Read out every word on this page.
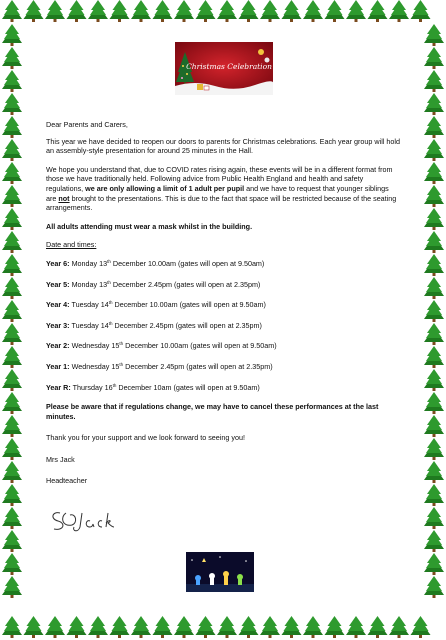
Christmas Celebration

Dear Parents and Carers,

This year we have decided to reopen our doors to parents for Christmas celebrations. Each year group will hold an assembly-style presentation for around 25 minutes in the Hall.

We hope you understand that, due to COVID rates rising again, these events will be in a different format from those we have traditionally held. Following advice from Public Health England and health and safety regulations, we are only allowing a limit of 1 adult per pupil and we have to request that younger siblings are not brought to the presentations. This is due to the fact that space will be restricted because of the seating arrangements.

All adults attending must wear a mask whilst in the building.

Date and times:

Year 6: Monday 13th December 10.00am (gates will open at 9.50am)

Year 5: Monday 13th December 2.45pm (gates will open at 2.35pm)

Year 4: Tuesday 14th December 10.00am (gates will open at 9.50am)

Year 3: Tuesday 14th December 2.45pm (gates will open at 2.35pm)

Year 2: Wednesday 15th December 10.00am (gates will open at 9.50am)

Year 1: Wednesday 15th December 2.45pm (gates will open at 2.35pm)

Year R: Thursday 16th December 10am (gates will open at 9.50am)

Please be aware that if regulations change, we may have to cancel these performances at the last minutes.

Thank you for your support and we look forward to seeing you!

Mrs Jack

Headteacher
